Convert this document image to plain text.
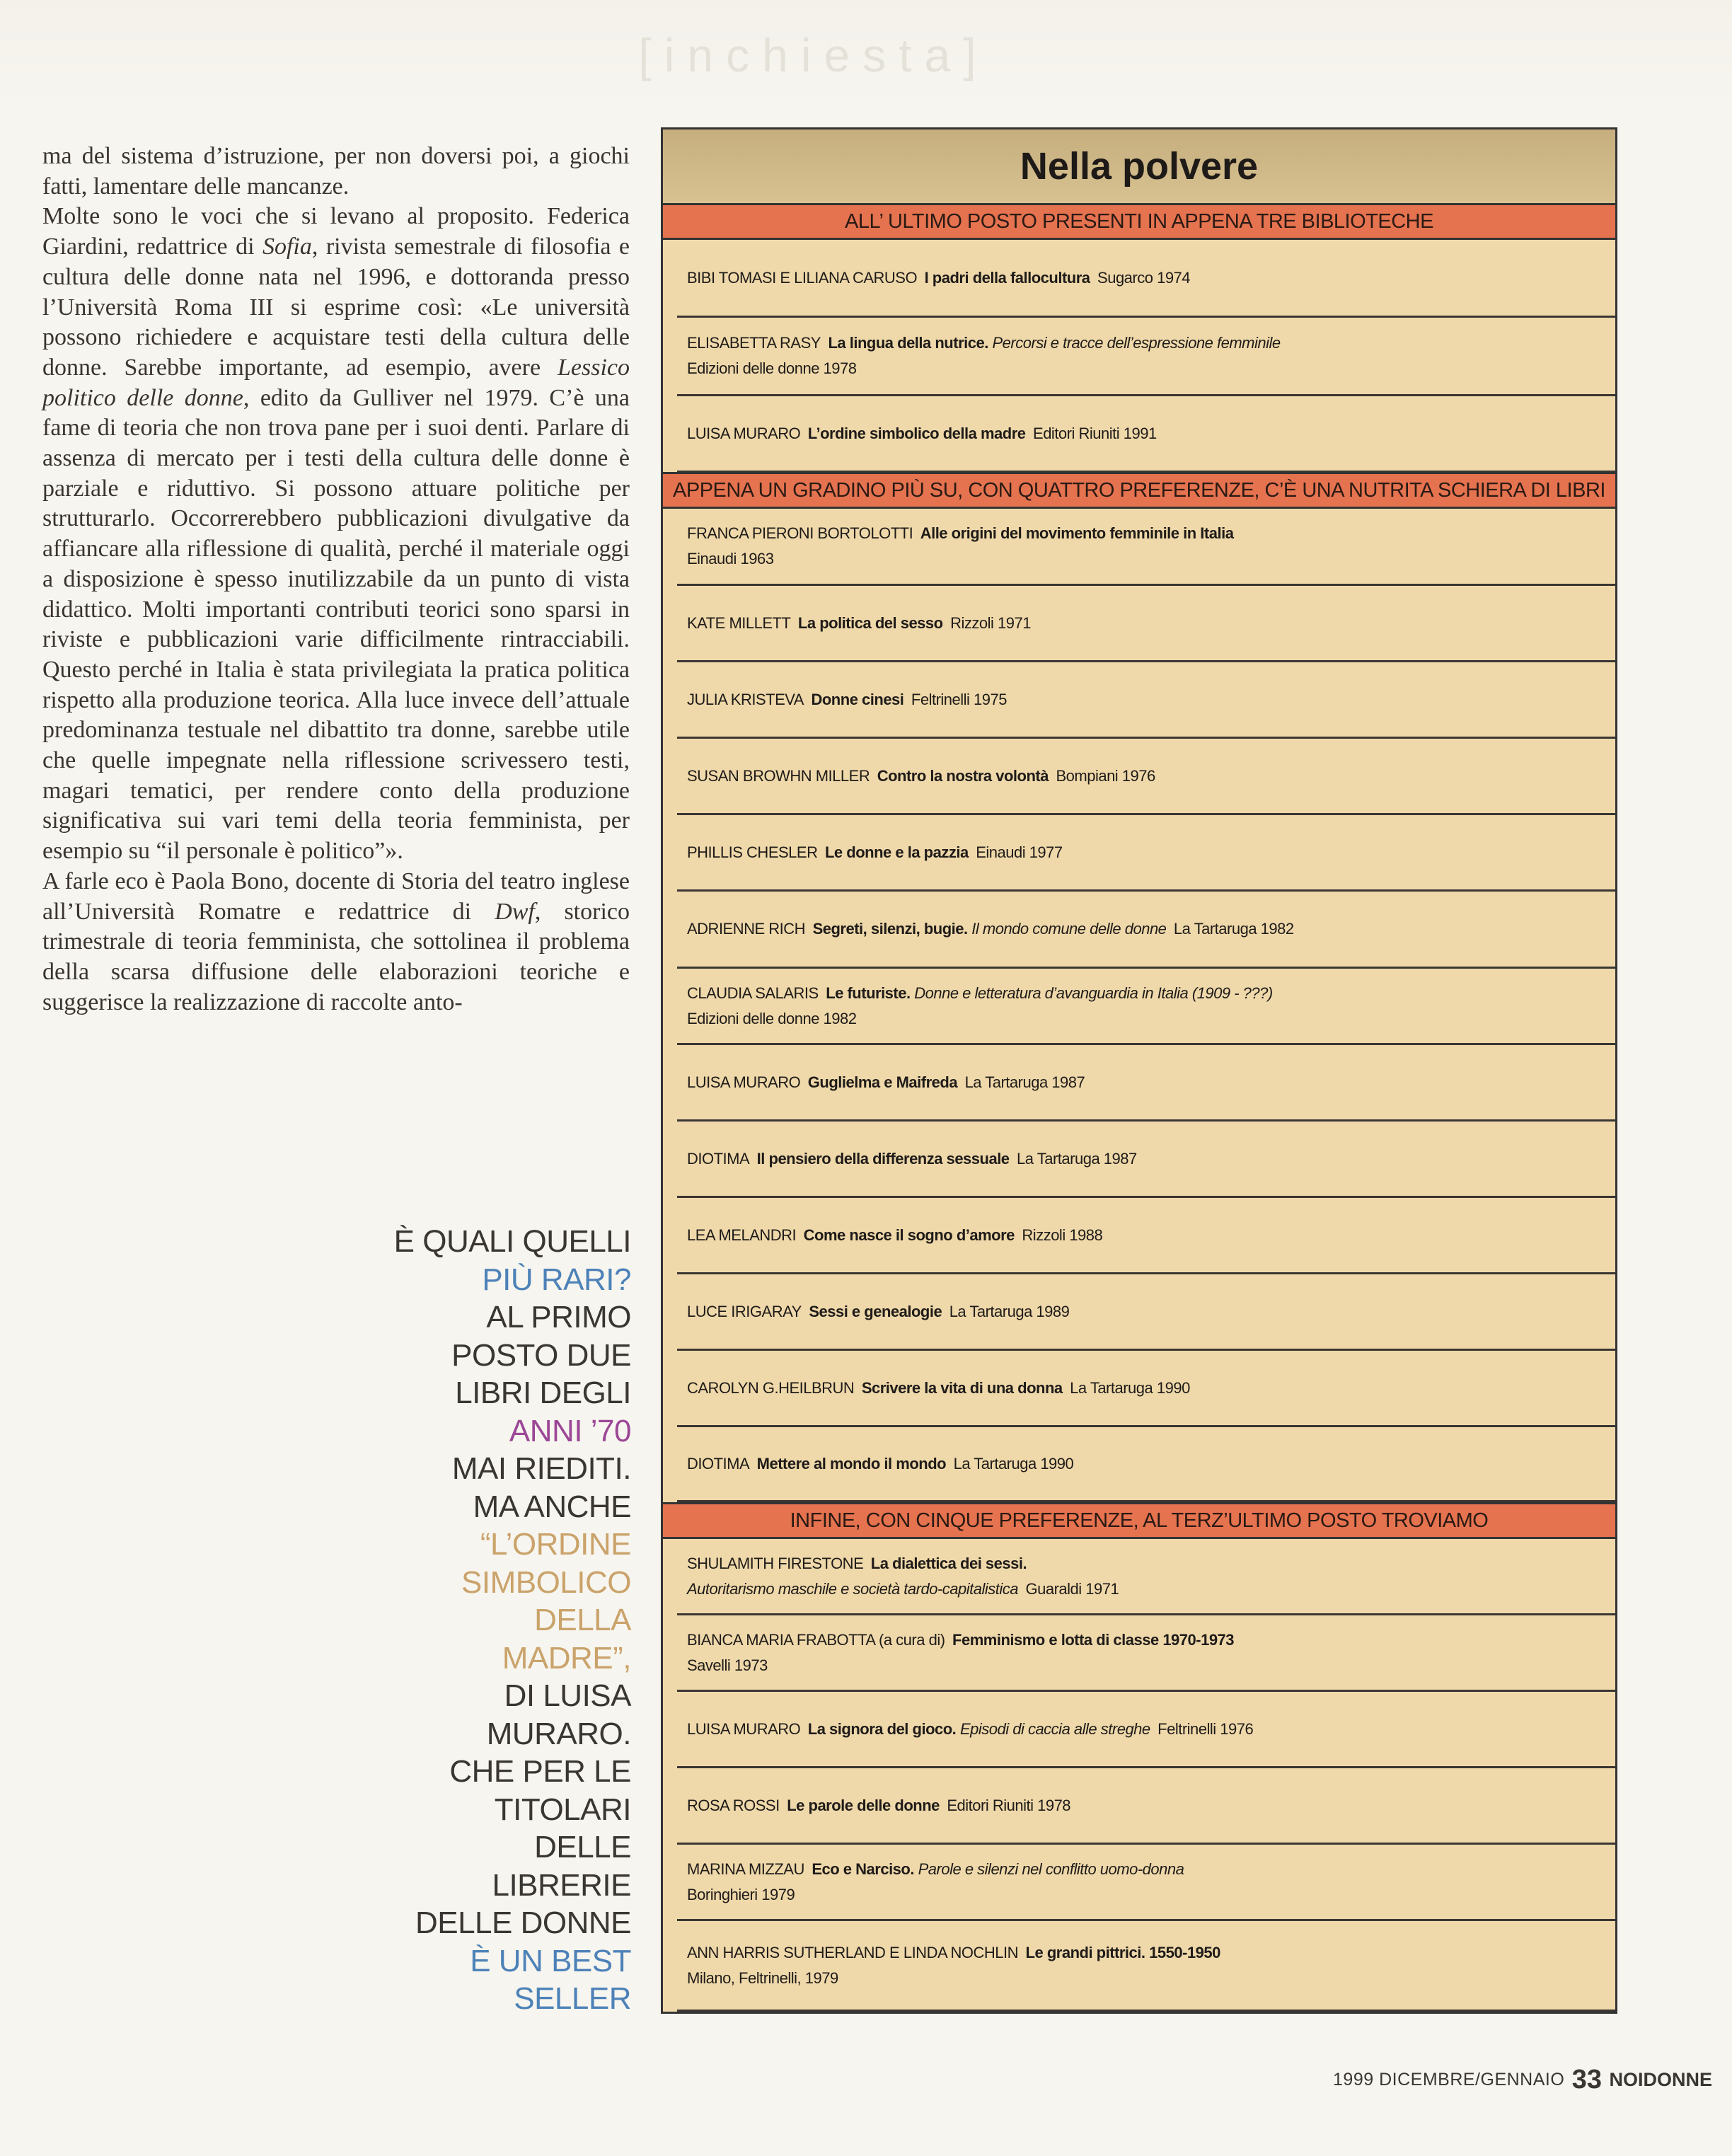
[inchiesta]

ma del sistema d’istruzione, per non doversi poi, a giochi fatti, lamentare delle mancanze.

Molte sono le voci che si levano al proposito. Federica Giardini, redattrice di Sofia, rivista semestrale di filosofia e cultura delle donne nata nel 1996, e dottoranda presso l’Università Roma III si esprime così: «Le università possono richiedere e acquistare testi della cultura delle donne. Sarebbe importante, ad esempio, avere Lessico politico delle donne, edito da Gulliver nel 1979. C’è una fame di teoria che non trova pane per i suoi denti. Parlare di assenza di mercato per i testi della cultura delle donne è parziale e riduttivo. Si possono attuare politiche per strutturarlo. Occorrerebbero pubblicazioni divulgative da affiancare alla riflessione di qualità, perché il materiale oggi a disposizione è spesso inutilizzabile da un punto di vista didattico. Molti importanti contributi teorici sono sparsi in riviste e pubblicazioni varie difficilmente rintracciabili. Questo perché in Italia è stata privilegiata la pratica politica rispetto alla produzione teorica. Alla luce invece dell’attuale predominanza testuale nel dibattito tra donne, sarebbe utile che quelle impegnate nella riflessione scrivessero testi, magari tematici, per rendere conto della produzione significativa sui vari temi della teoria femminista, per esempio su “il personale è politico”».

A farle eco è Paola Bono, docente di Storia del teatro inglese all’Università Romatre e redattrice di Dwf, storico trimestrale di teoria femminista, che sottolinea il problema della scarsa diffusione delle elaborazioni teoriche e suggerisce la realizzazione di raccolte anto-

È QUALI QUELLI
PIÙ RARI?
AL PRIMO
POSTO DUE
LIBRI DEGLI
ANNI ’70
MAI RIEDITI.
MA ANCHE
“L’ORDINE
SIMBOLICO
DELLA
MADRE”,
DI LUISA
MURARO.
CHE PER LE
TITOLARI
DELLE
LIBRERIE
DELLE DONNE
È UN BEST
SELLER
Nella polvere
ALL’ ULTIMO POSTO PRESENTI IN APPENA TRE BIBLIOTECHE
BIBI TOMASI E LILIANA CARUSO  I padri della fallocultura  Sugarco 1974
ELISABETTA RASY  La lingua della nutrice. Percorsi e tracce dell’espressione femminile
Edizioni delle donne 1978
LUISA MURARO  L’ordine simbolico della madre  Editori Riuniti 1991
APPENA UN GRADINO PIÙ SU, CON QUATTRO PREFERENZE, C’È UNA NUTRITA SCHIERA DI LIBRI
FRANCA PIERONI BORTOLOTTI  Alle origini del movimento femminile in Italia
Einaudi 1963
KATE MILLETT  La politica del sesso  Rizzoli 1971
JULIA KRISTEVA  Donne cinesi  Feltrinelli 1975
SUSAN BROWHN MILLER  Contro la nostra volontà  Bompiani 1976
PHILLIS CHESLER  Le donne e la pazzia  Einaudi 1977
ADRIENNE RICH  Segreti, silenzi, bugie. Il mondo comune delle donne  La Tartaruga 1982
CLAUDIA SALARIS  Le futuriste. Donne e letteratura d’avanguardia in Italia (1909 - ???)
Edizioni delle donne 1982
LUISA MURARO  Guglielma e Maifreda  La Tartaruga 1987
DIOTIMA  Il pensiero della differenza sessuale  La Tartaruga 1987
LEA MELANDRI  Come nasce il sogno d’amore  Rizzoli 1988
LUCE IRIGARAY  Sessi e genealogie  La Tartaruga 1989
CAROLYN G.HEILBRUN  Scrivere la vita di una donna  La Tartaruga 1990
DIOTIMA  Mettere al mondo il mondo  La Tartaruga 1990
INFINE, CON CINQUE PREFERENZE, AL TERZ’ULTIMO POSTO TROVIAMO
SHULAMITH FIRESTONE  La dialettica dei sessi.
Autoritarismo maschile e società tardo-capitalistica  Guaraldi 1971
BIANCA MARIA FRABOTTA (a cura di)  Femminismo e lotta di classe 1970-1973
Savelli 1973
LUISA MURARO  La signora del gioco. Episodi di caccia alle streghe  Feltrinelli 1976
ROSA ROSSI  Le parole delle donne  Editori Riuniti 1978
MARINA MIZZAU  Eco e Narciso. Parole e silenzi nel conflitto uomo-donna
Boringhieri 1979
ANN HARRIS SUTHERLAND E LINDA NOCHLIN  Le grandi pittrici. 1550-1950
Milano, Feltrinelli, 1979
1999 DICEMBRE/GENNAIO 33 NOIDONNE
